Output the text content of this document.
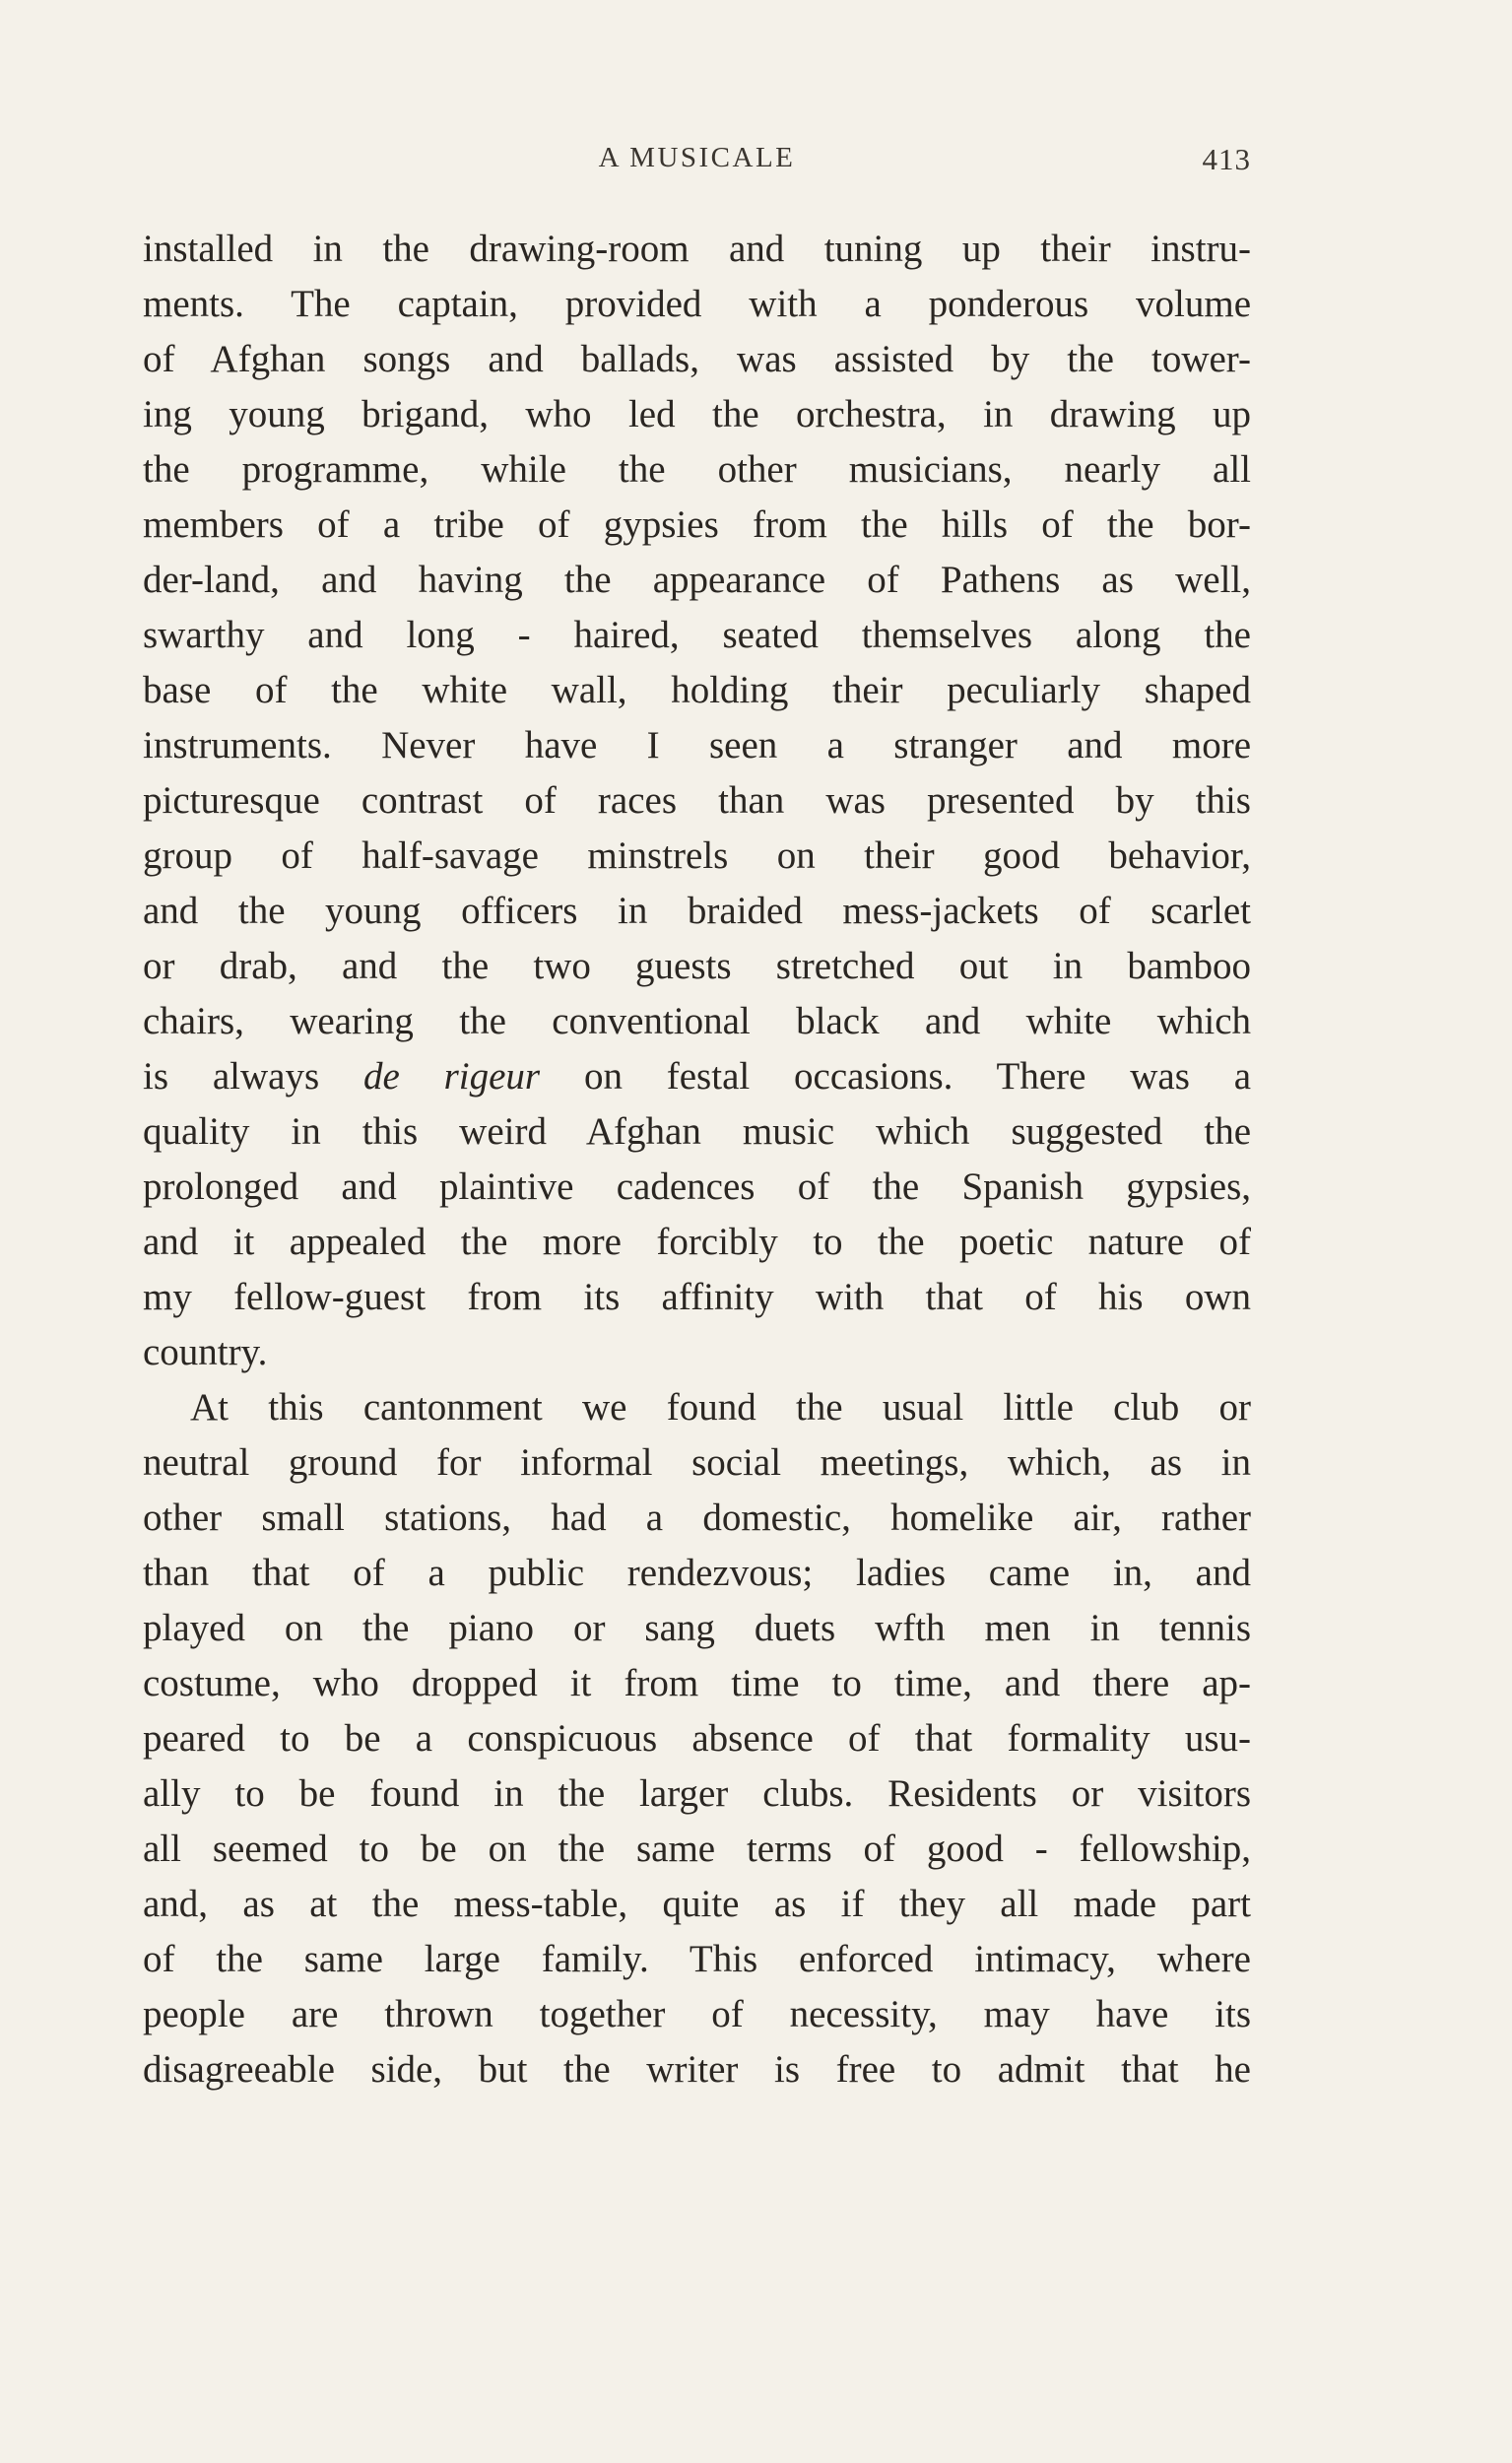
A MUSICALE	413
installed in the drawing-room and tuning up their instru-
ments. The captain, provided with a ponderous volume
of Afghan songs and ballads, was assisted by the tower-
ing young brigand, who led the orchestra, in drawing up
the programme, while the other musicians, nearly all
members of a tribe of gypsies from the hills of the bor-
der-land, and having the appearance of Pathens as well,
swarthy and long - haired, seated themselves along the
base of the white wall, holding their peculiarly shaped
instruments. Never have I seen a stranger and more
picturesque contrast of races than was presented by this
group of half-savage minstrels on their good behavior,
and the young officers in braided mess-jackets of scarlet
or drab, and the two guests stretched out in bamboo
chairs, wearing the conventional black and white which
is always de rigeur on festal occasions. There was a
quality in this weird Afghan music which suggested the
prolonged and plaintive cadences of the Spanish gypsies,
and it appealed the more forcibly to the poetic nature of
my fellow-guest from its affinity with that of his own
country.
At this cantonment we found the usual little club or
neutral ground for informal social meetings, which, as in
other small stations, had a domestic, homelike air, rather
than that of a public rendezvous; ladies came in, and
played on the piano or sang duets wfth men in tennis
costume, who dropped it from time to time, and there ap-
peared to be a conspicuous absence of that formality usu-
ally to be found in the larger clubs. Residents or visitors
all seemed to be on the same terms of good - fellowship,
and, as at the mess-table, quite as if they all made part
of the same large family. This enforced intimacy, where
people are thrown together of necessity, may have its
disagreeable side, but the writer is free to admit that he
